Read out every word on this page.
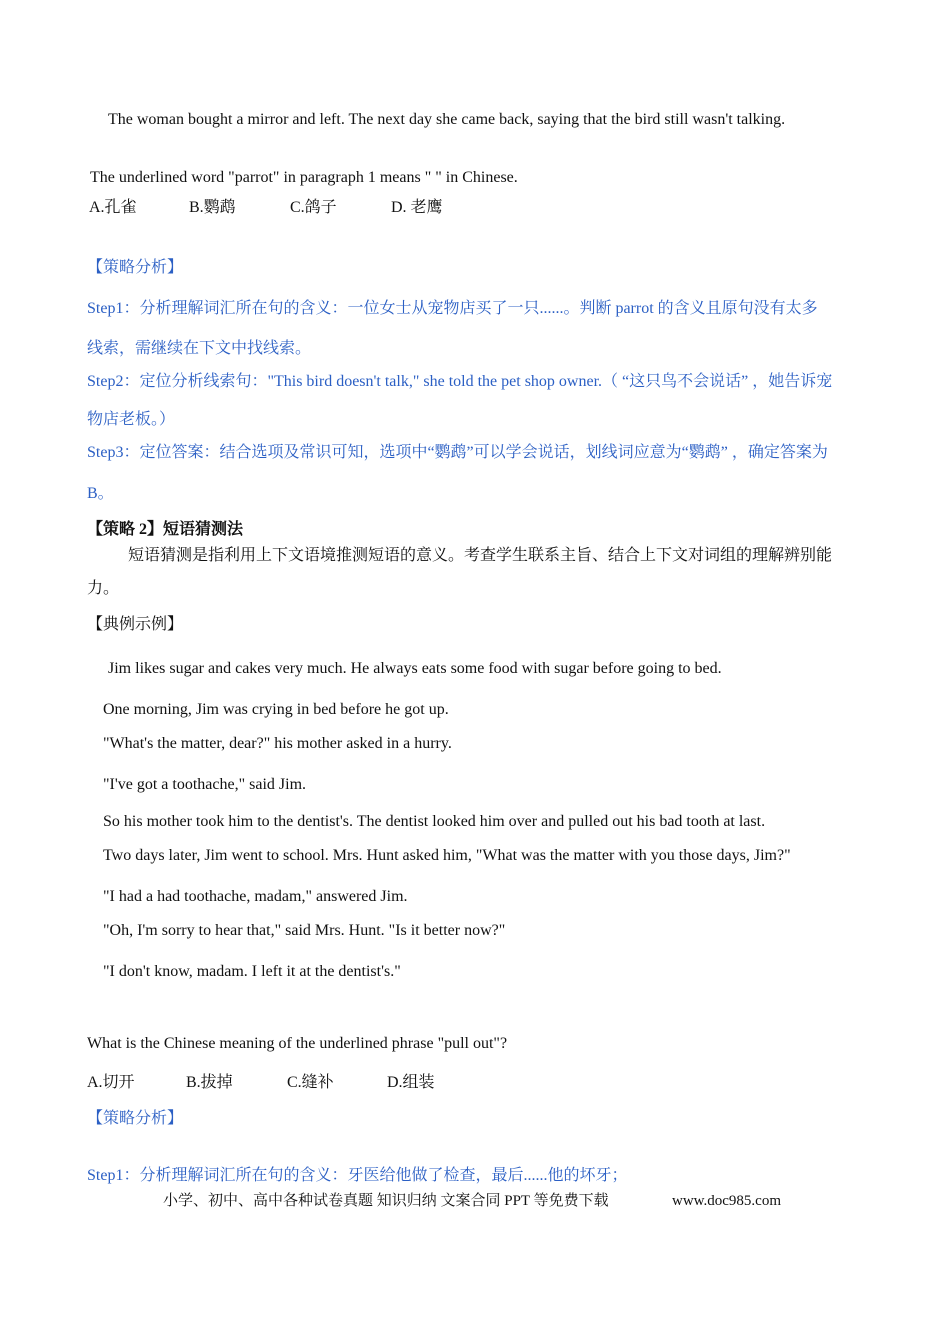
The woman bought a mirror and left. The next day she came back, saying that the bird still wasn't talking.
The underlined word "parrot" in paragraph 1 means " " in Chinese.
A.孔雀	B.鹦鹉	C.鸽子	D. 老鹰
【策略分析】
Step1：分析理解词汇所在句的含义：一位女士从宠物店买了一只......。判断 parrot 的含义且原句没有太多
线索，需继续在下文中找线索。
Step2：定位分析线索句："This bird doesn't talk," she told the pet shop owner.（ “这只鸟不会说话” ，她告诉宠
物店老板。）
Step3：定位答案：结合选项及常识可知，选项中“鹦鹉”可以学会说话，划线词应意为“鹦鹉” ，确定答案为
B。
【策略 2】短语猜测法
短语猜测是指利用上下文语境推测短语的意义。考查学生联系主旨、结合上下文对词组的理解辨别能
力。
【典例示例】
Jim likes sugar and cakes very much. He always eats some food with sugar before going to bed.
One morning, Jim was crying in bed before he got up.
"What's the matter, dear?" his mother asked in a hurry.
"I've got a toothache," said Jim.
So his mother took him to the dentist's. The dentist looked him over and pulled out his bad tooth at last.
Two days later, Jim went to school. Mrs. Hunt asked him, "What was the matter with you those days, Jim?"
"I had a had toothache, madam," answered Jim.
"Oh, I'm sorry to hear that," said Mrs. Hunt. "Is it better now?"
"I don't know, madam. I left it at the dentist's."
What is the Chinese meaning of the underlined phrase "pull out"?
A.切开	B.拔掉	C.缝补	D.组装
【策略分析】
Step1：分析理解词汇所在句的含义：牙医给他做了检查，最后......他的坏牙；
小学、初中、高中各种试卷真题 知识归纳 文案合同 PPT 等免费下载	www.doc985.com
